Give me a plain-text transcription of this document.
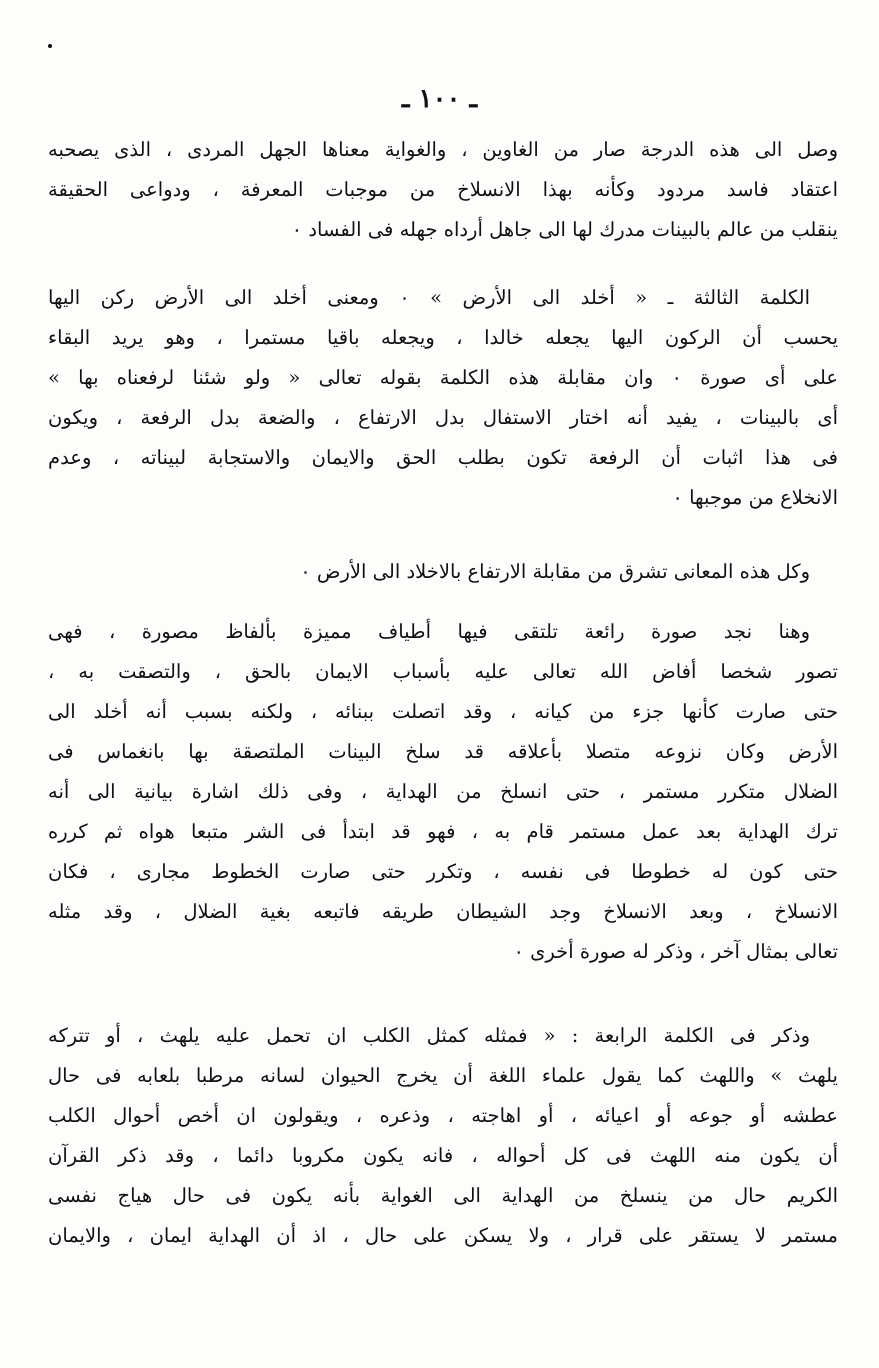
ـ ١٠٠ ـ
وصل الى هذه الدرجة صار من الغاوين ، والغواية معناها الجهل المردى ، الذى يصحبه
اعتقاد فاسد مردود وكأنه بهذا الانسلاخ من موجبات المعرفة ، ودواعى الحقيقة
ينقلب من عالم بالبينات مدرك لها الى جاهل أرداه جهله فى الفساد ٠
الكلمة الثالثة ـ « أخلد الى الأرض » ٠ ومعنى أخلد الى الأرض ركن اليها
يحسب أن الركون اليها يجعله خالدا ، ويجعله باقيا مستمرا ، وهو يريد البقاء
على أى صورة ٠ وان مقابلة هذه الكلمة بقوله تعالى « ولو شئنا لرفعناه بها »
أى بالبينات ، يفيد أنه اختار الاستفال بدل الارتفاع ، والضعة بدل الرفعة ، ويكون
فى هذا اثبات أن الرفعة تكون بطلب الحق والايمان والاستجابة لبيناته ، وعدم
الانخلاع من موجبها ٠
وكل هذه المعانى تشرق من مقابلة الارتفاع بالاخلاد الى الأرض ٠
وهنا نجد صورة رائعة تلتقى فيها أطياف مميزة بألفاظ مصورة ، فهى
تصور شخصا أفاض الله تعالى عليه بأسباب الايمان بالحق ، والتصقت به ،
حتى صارت كأنها جزء من كيانه ، وقد اتصلت ببنائه ، ولكنه بسبب أنه أخلد الى
الأرض وكان نزوعه متصلا بأعلاقه قد سلخ البينات الملتصقة بها بانغماس فى
الضلال متكرر مستمر ، حتى انسلخ من الهداية ، وفى ذلك اشارة بيانية الى أنه
ترك الهداية بعد عمل مستمر قام به ، فهو قد ابتدأ فى الشر متبعا هواه ثم كرره
حتى كون له خطوطا فى نفسه ، وتكرر حتى صارت الخطوط مجارى ، فكان
الانسلاخ ، وبعد الانسلاخ وجد الشيطان طريقه فاتبعه بغية الضلال ، وقد مثله
تعالى بمثال آخر ، وذكر له صورة أخرى ٠
وذكر فى الكلمة الرابعة : « فمثله كمثل الكلب ان تحمل عليه يلهث ، أو تتركه
يلهث » واللهث كما يقول علماء اللغة أن يخرج الحيوان لسانه مرطبا بلعابه فى حال
عطشه أو جوعه أو اعيائه ، أو اهاجته ، وذعره ، ويقولون ان أخص أحوال الكلب
أن يكون منه اللهث فى كل أحواله ، فانه يكون مكروبا دائما ، وقد ذكر القرآن
الكريم حال من ينسلخ من الهداية الى الغواية بأنه يكون فى حال هياج نفسى
مستمر لا يستقر على قرار ، ولا يسكن على حال ، اذ أن الهداية ايمان ، والايمان
